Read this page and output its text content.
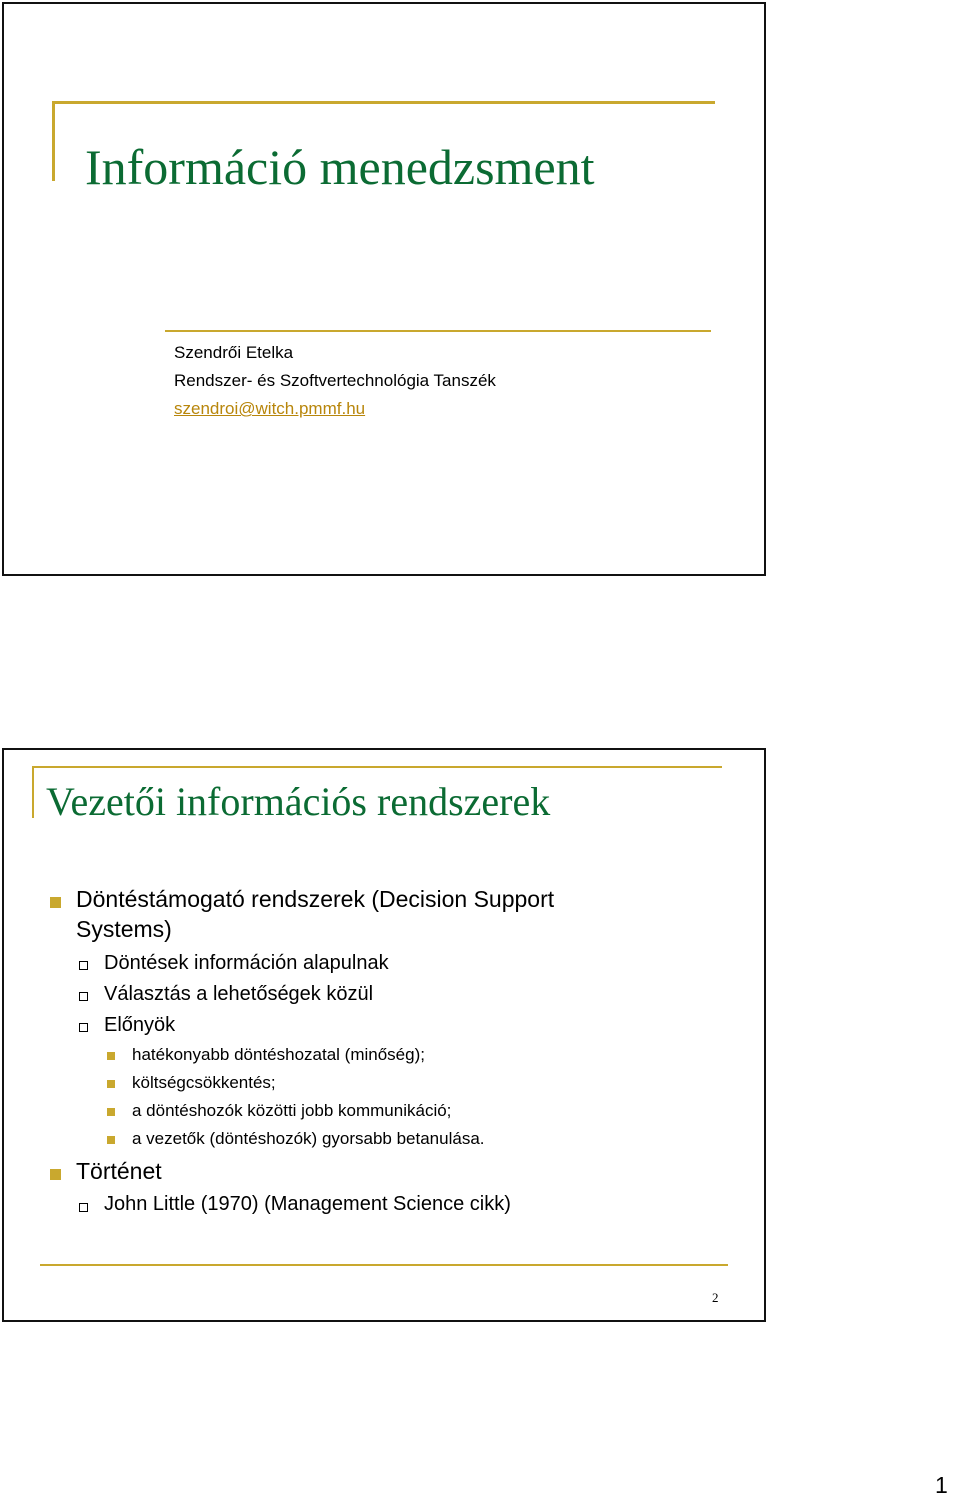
Információ menedzsment
Szendrői Etelka
Rendszer- és Szoftvertechnológia Tanszék
szendroi@witch.pmmf.hu
Vezetői információs rendszerek
Döntéstámogató rendszerek (Decision Support
Systems)
Döntések információn alapulnak
Választás a lehetőségek közül
Előnyök
hatékonyabb döntéshozatal (minőség);
költségcsökkentés;
a döntéshozók közötti jobb kommunikáció;
a vezetők (döntéshozók) gyorsabb betanulása.
Történet
John Little (1970) (Management Science cikk)
2
1
